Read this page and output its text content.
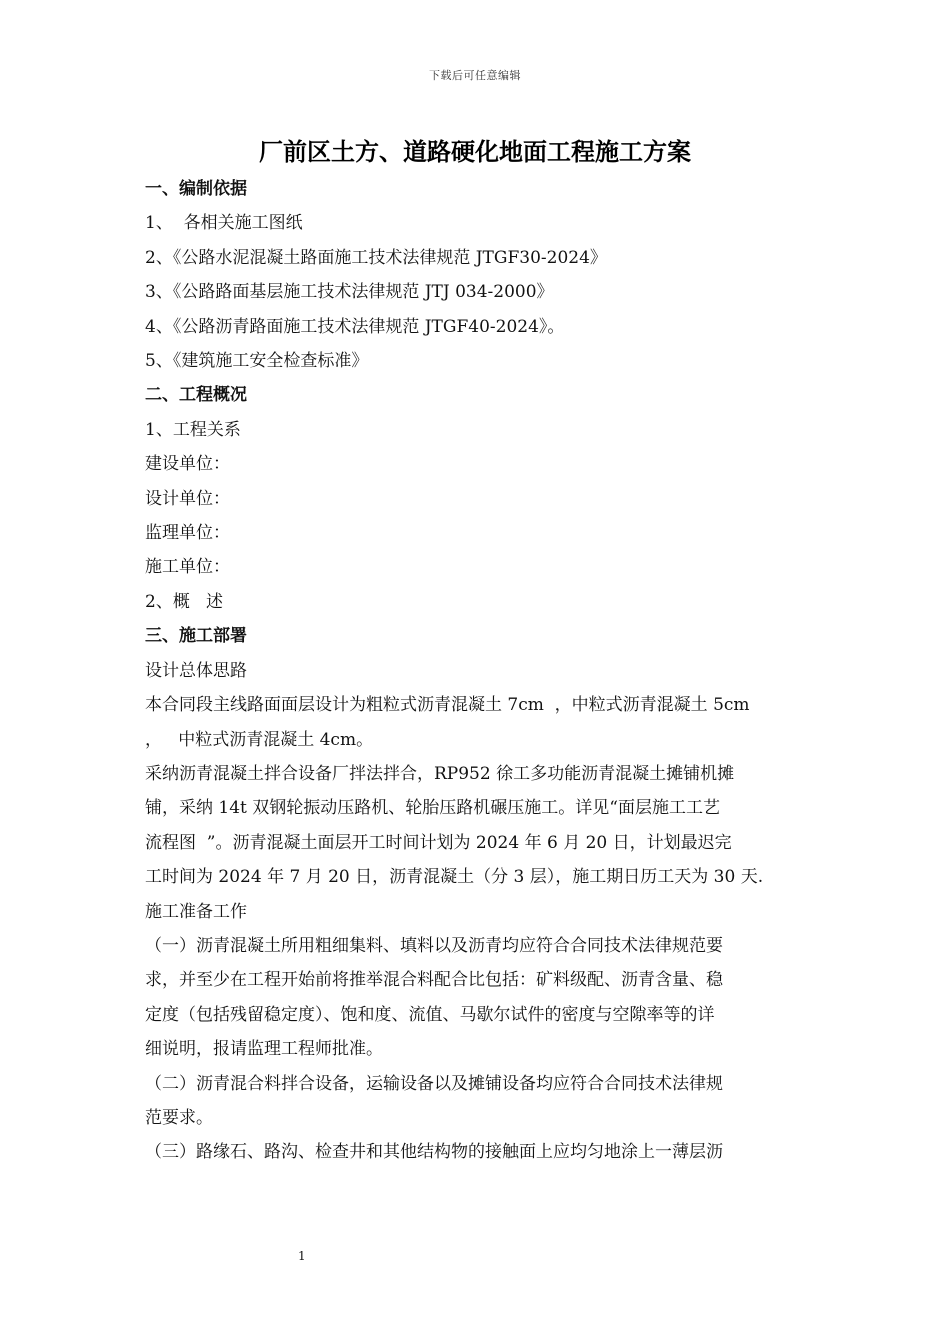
下载后可任意编辑
厂前区土方、道路硬化地面工程施工方案
一、编制依据
1、  各相关施工图纸
2、《公路水泥混凝土路面施工技术法律规范 JTGF30-2024》
3、《公路路面基层施工技术法律规范 JTJ 034-2000》
4、《公路沥青路面施工技术法律规范 JTGF40-2024》。
5、《建筑施工安全检查标准》
二、工程概况
1、工程关系
建设单位：
设计单位：
监理单位：
施工单位：
2、概   述
三、施工部署
设计总体思路
本合同段主线路面面层设计为粗粒式沥青混凝土 7cm  ，中粒式沥青混凝土 5cm
，   中粒式沥青混凝土 4cm。
采纳沥青混凝土拌合设备厂拌法拌合，RP952 徐工多功能沥青混凝土摊铺机摊
铺，采纳 14t 双钢轮振动压路机、轮胎压路机碾压施工。详见“面层施工工艺
流程图  ”。沥青混凝土面层开工时间计划为 2024 年 6 月 20 日，计划最迟完
工时间为 2024 年 7 月 20 日，沥青混凝土（分 3 层），施工期日历工天为 30 天.
施工准备工作
（一）沥青混凝土所用粗细集料、填料以及沥青均应符合合同技术法律规范要
求，并至少在工程开始前将推举混合料配合比包括：矿料级配、沥青含量、稳
定度（包括残留稳定度）、饱和度、流值、马歇尔试件的密度与空隙率等的详
细说明，报请监理工程师批准。
（二）沥青混合料拌合设备，运输设备以及摊铺设备均应符合合同技术法律规
范要求。
（三）路缘石、路沟、检查井和其他结构物的接触面上应均匀地涂上一薄层沥
1
